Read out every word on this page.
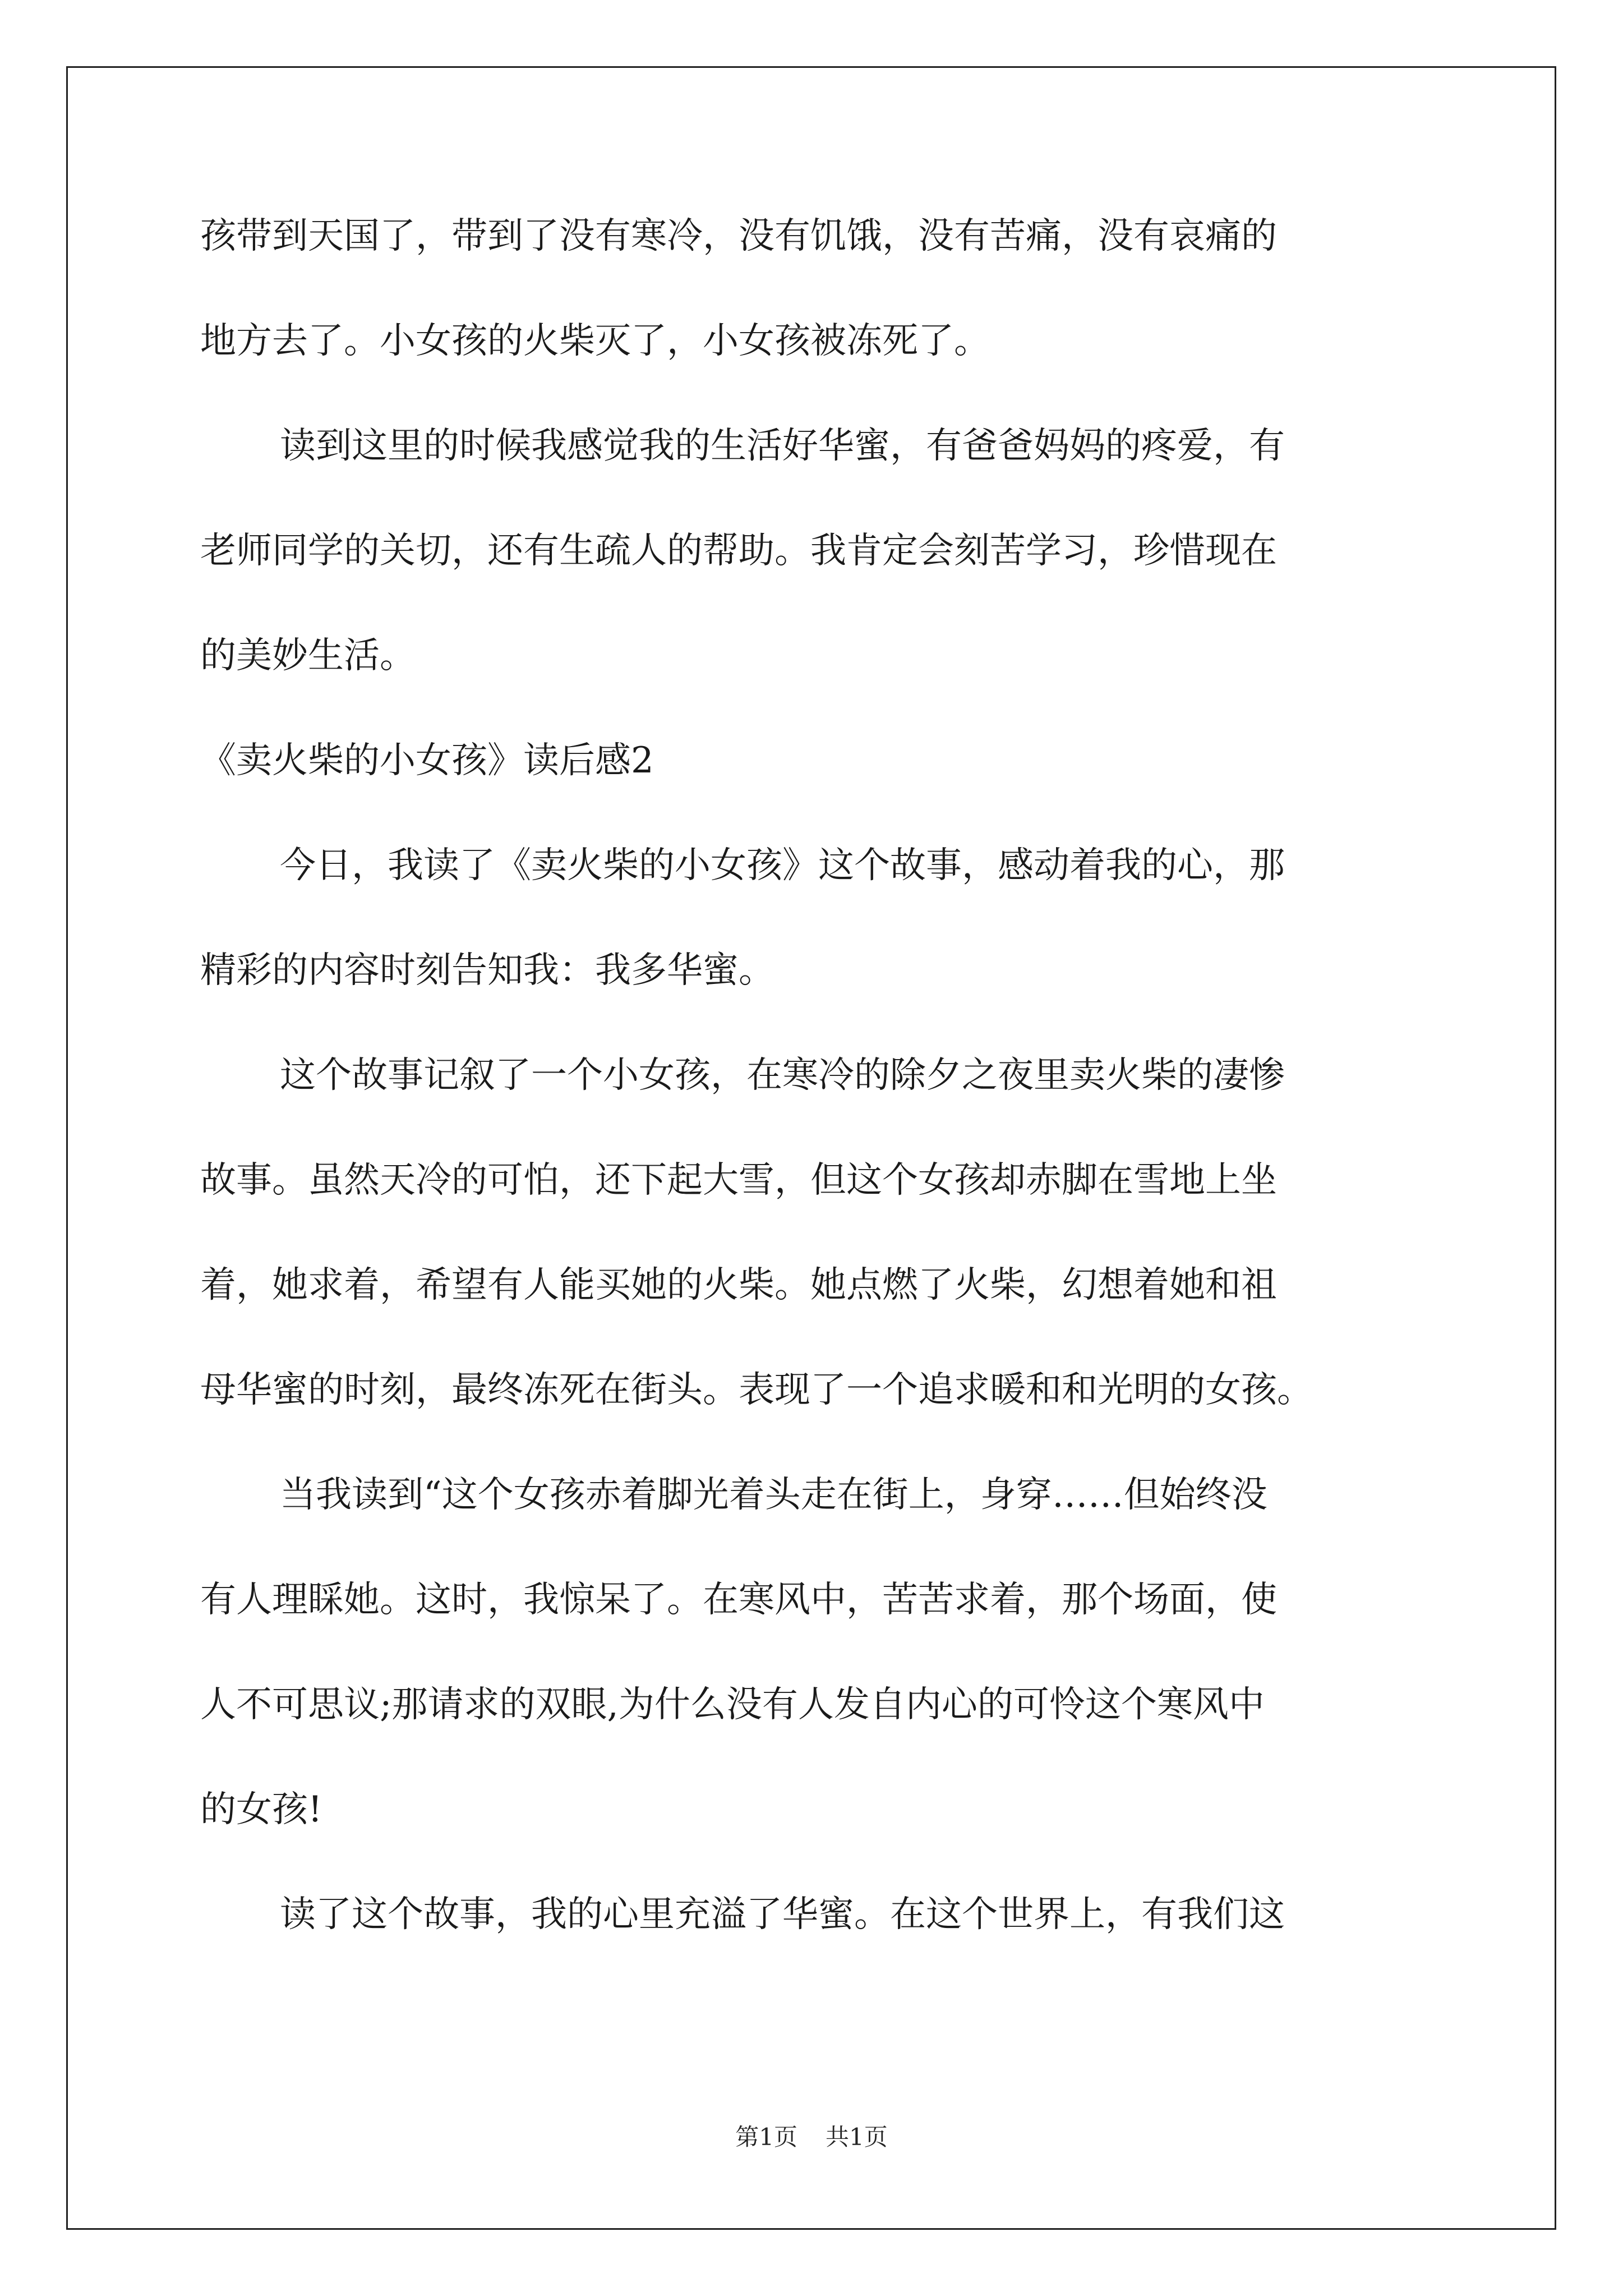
孩带到天国了，带到了没有寒冷，没有饥饿，没有苦痛，没有哀痛的

地方去了。小女孩的火柴灭了，小女孩被冻死了。

读到这里的时候我感觉我的生活好华蜜，有爸爸妈妈的疼爱，有

老师同学的关切，还有生疏人的帮助。我肯定会刻苦学习，珍惜现在

的美妙生活。

《卖火柴的小女孩》读后感2

今日，我读了《卖火柴的小女孩》这个故事，感动着我的心，那

精彩的内容时刻告知我：我多华蜜。

这个故事记叙了一个小女孩，在寒冷的除夕之夜里卖火柴的凄惨

故事。虽然天冷的可怕，还下起大雪，但这个女孩却赤脚在雪地上坐

着，她求着，希望有人能买她的火柴。她点燃了火柴，幻想着她和祖

母华蜜的时刻，最终冻死在街头。表现了一个追求暖和和光明的女孩。

当我读到“这个女孩赤着脚光着头走在街上，身穿……但始终没

有人理睬她。这时，我惊呆了。在寒风中，苦苦求着，那个场面，使

人不可思议;那请求的双眼,为什么没有人发自内心的可怜这个寒风中

的女孩!

读了这个故事，我的心里充溢了华蜜。在这个世界上，有我们这

第1页 共1页
